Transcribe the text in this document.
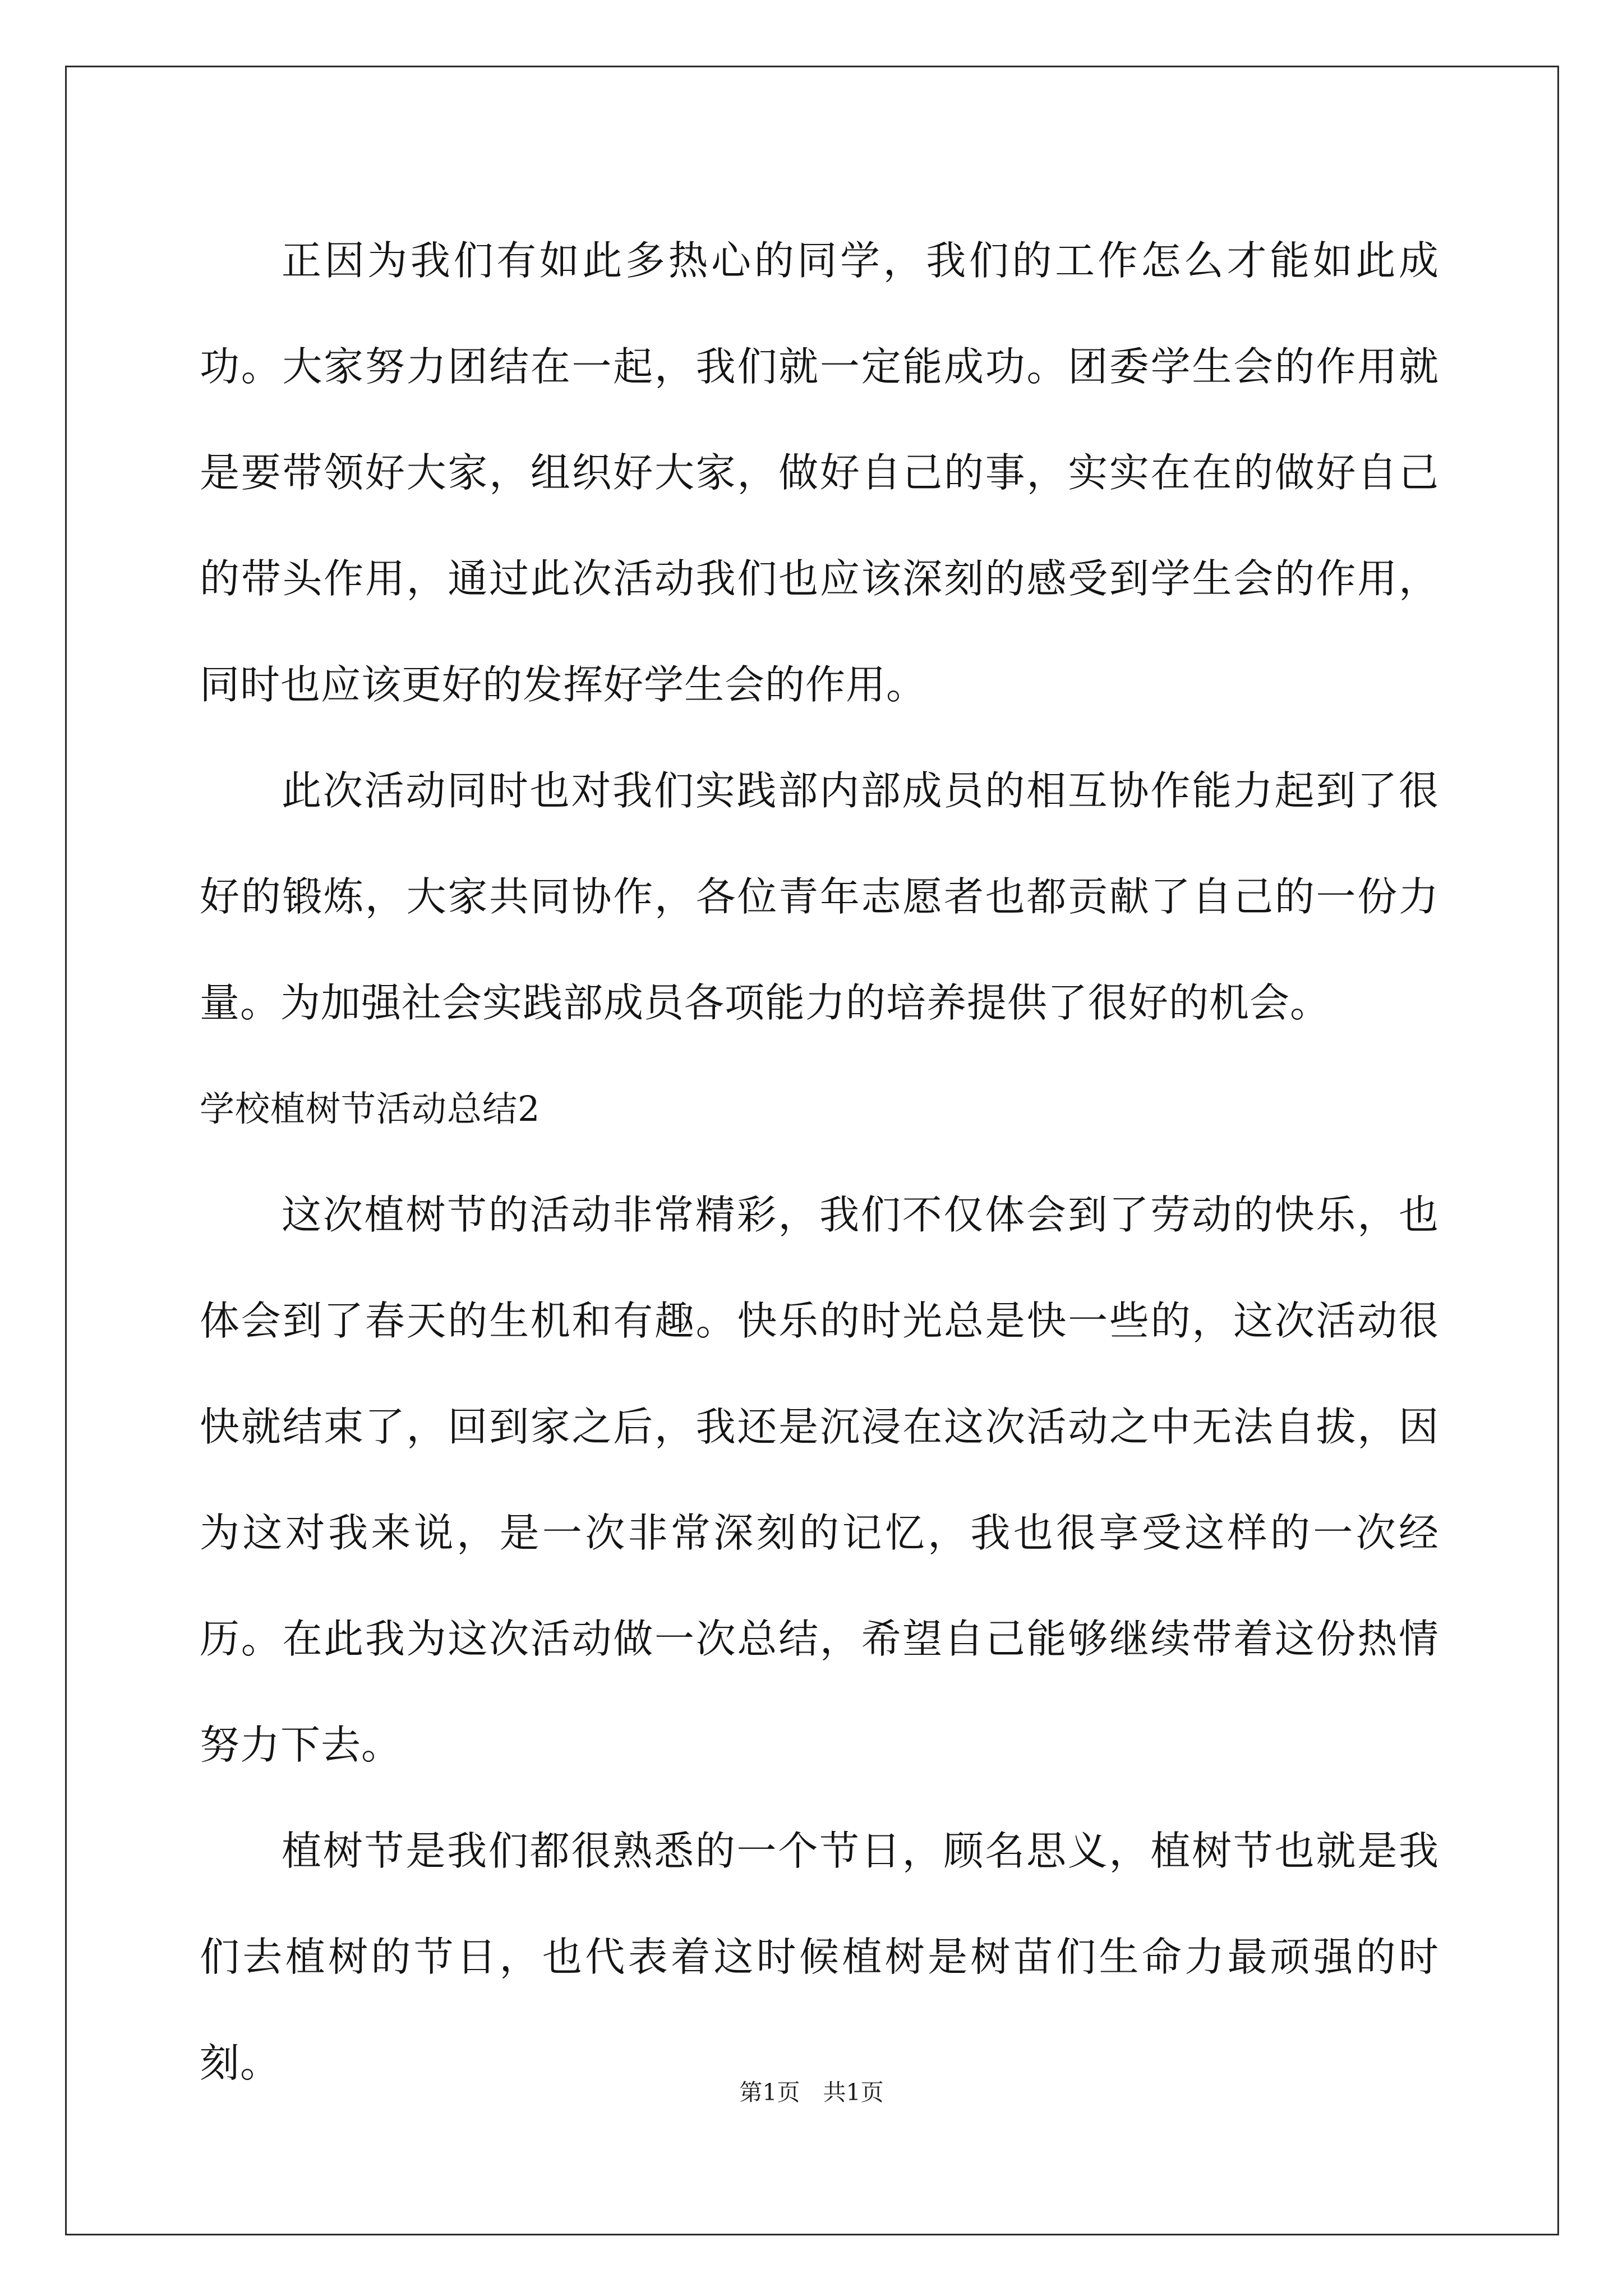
正因为我们有如此多热心的同学，我们的工作怎么才能如此成功。大家努力团结在一起，我们就一定能成功。团委学生会的作用就是要带领好大家，组织好大家，做好自己的事，实实在在的做好自己的带头作用，通过此次活动我们也应该深刻的感受到学生会的作用，同时也应该更好的发挥好学生会的作用。

此次活动同时也对我们实践部内部成员的相互协作能力起到了很好的锻炼，大家共同协作，各位青年志愿者也都贡献了自己的一份力量。为加强社会实践部成员各项能力的培养提供了很好的机会。

学校植树节活动总结2

这次植树节的活动非常精彩，我们不仅体会到了劳动的快乐，也体会到了春天的生机和有趣。快乐的时光总是快一些的，这次活动很快就结束了，回到家之后，我还是沉浸在这次活动之中无法自拔，因为这对我来说，是一次非常深刻的记忆，我也很享受这样的一次经历。在此我为这次活动做一次总结，希望自己能够继续带着这份热情努力下去。

植树节是我们都很熟悉的一个节日，顾名思义，植树节也就是我们去植树的节日，也代表着这时候植树是树苗们生命力最顽强的时刻。

第1页　共1页
